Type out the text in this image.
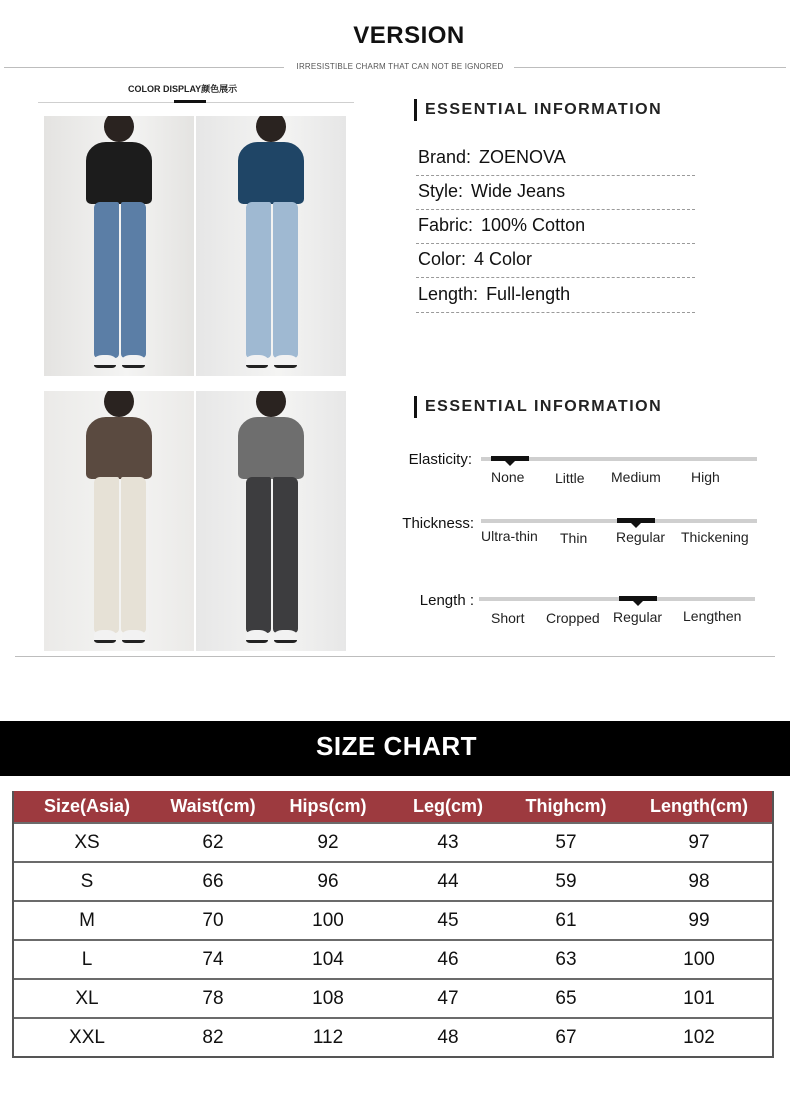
VERSION
IRRESISTIBLE CHARM THAT CAN NOT BE IGNORED
COLOR DISPLAY颜色展示
ESSENTIAL INFORMATION
Brand: ZOENOVA
Style:Wide Jeans
Fabric: 100% Cotton
Color:4 Color
Length: Full-length
ESSENTIAL INFORMATION
Elasticity:
None Little Medium High
Thickness:
Ultra-thin Thin Regular Thickening
Length :
Short Cropped Regular Lengthen
SIZE CHART
Size(Asia)	Waist(cm)	Hips(cm)	Leg(cm)	Thighcm)	Length(cm)
XS	62	92	43	57	97
S	66	96	44	59	98
M	70	100	45	61	99
L	74	104	46	63	100
XL	78	108	47	65	101
XXL	82	112	48	67	102
